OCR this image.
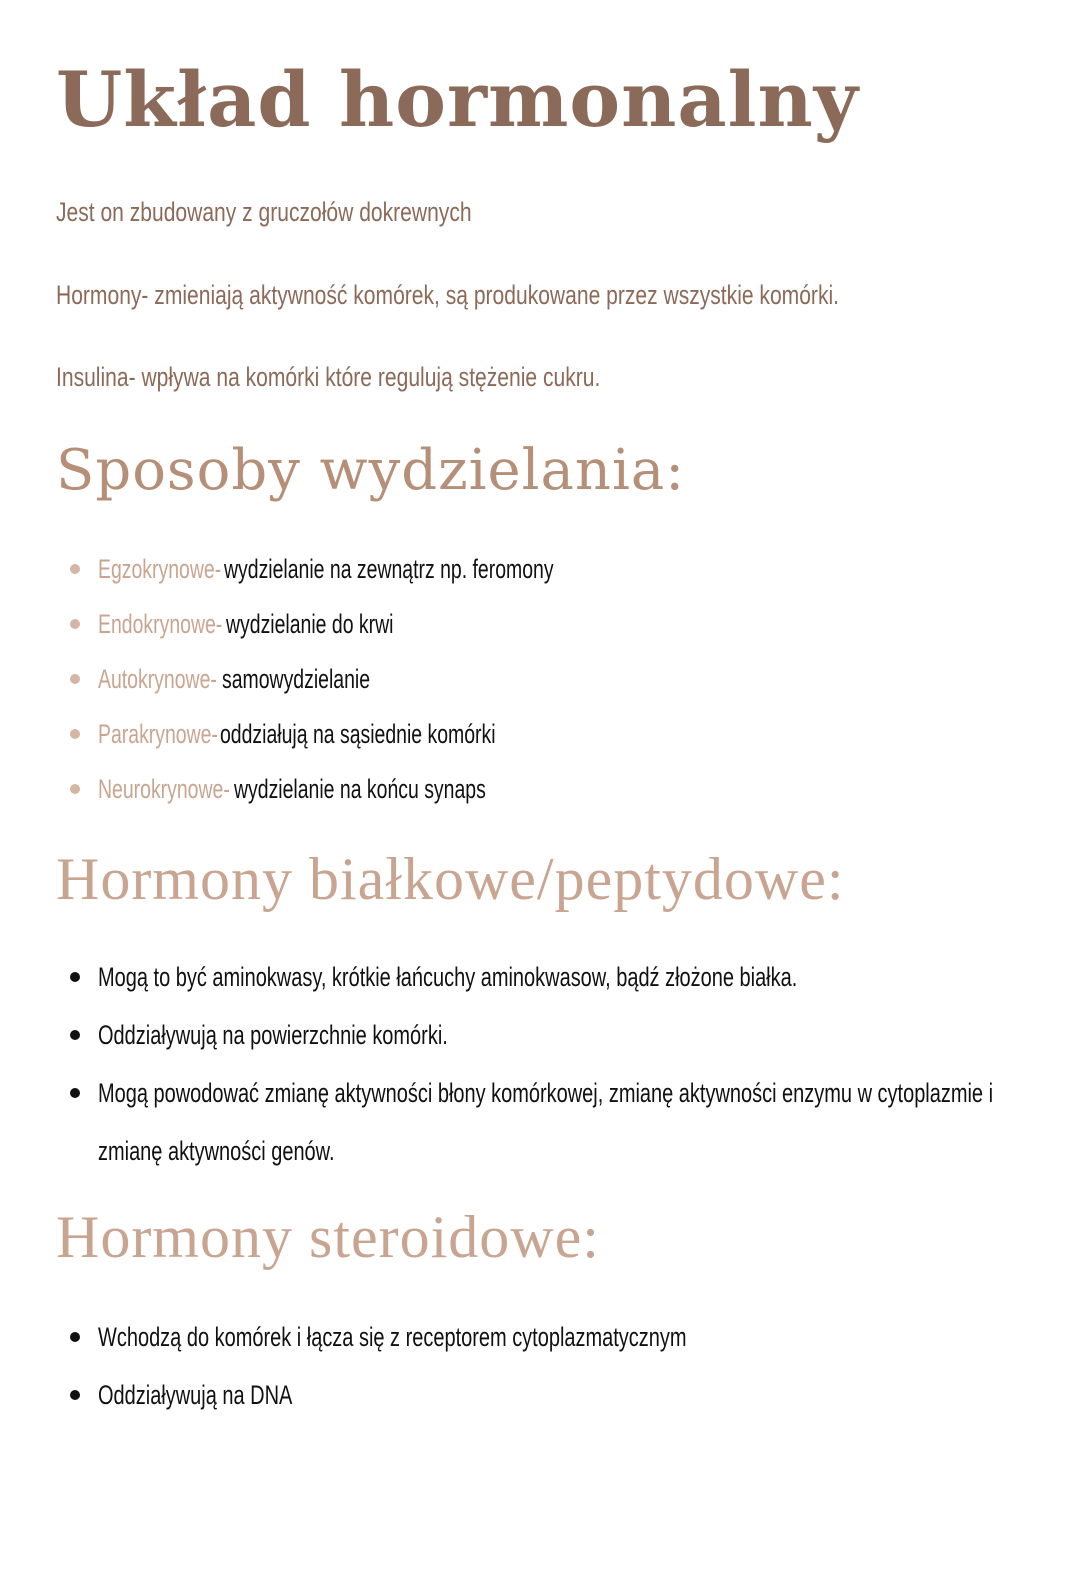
Układ hormonalny

Jest on zbudowany z gruczołów dokrewnych

Hormony- zmieniają aktywność komórek, są produkowane przez wszystkie komórki.

Insulina- wpływa na komórki które regulują stężenie cukru.

Sposoby wydzielania:
Egzokrynowe- wydzielanie na zewnątrz np. feromony
Endokrynowe- wydzielanie do krwi
Autokrynowe- samowydzielanie
Parakrynowe- oddziałują na sąsiednie komórki
Neurokrynowe- wydzielanie na końcu synaps
Hormony białkowe/peptydowe:
Mogą to być aminokwasy, krótkie łańcuchy aminokwasow, bądź złożone białka.
Oddziaływują na powierzchnie komórki.
Mogą powodować zmianę aktywności błony komórkowej, zmianę aktywności enzymu w cytoplazmie i
zmianę aktywności genów.
Hormony steroidowe:
Wchodzą do komórek i łącza się z receptorem cytoplazmatycznym
Oddziaływują na DNA
